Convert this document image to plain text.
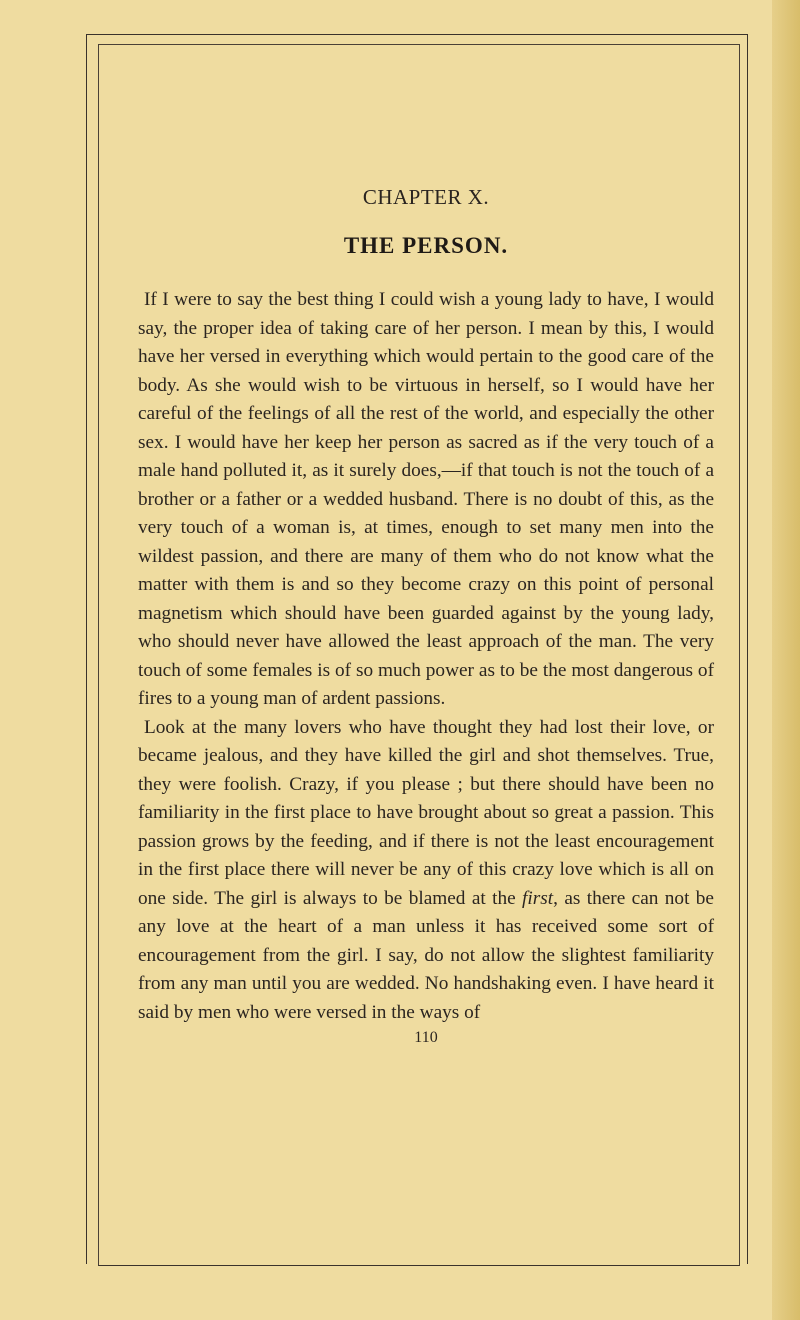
CHAPTER X.
THE PERSON.

If I were to say the best thing I could wish a young lady to have, I would say, the proper idea of taking care of her person. I mean by this, I would have her versed in everything which would pertain to the good care of the body. As she would wish to be virtuous in herself, so I would have her careful of the feelings of all the rest of the world, and especially the other sex. I would have her keep her person as sacred as if the very touch of a male hand polluted it, as it surely does,—if that touch is not the touch of a brother or a father or a wedded husband. There is no doubt of this, as the very touch of a woman is, at times, enough to set many men into the wildest passion, and there are many of them who do not know what the matter with them is and so they become crazy on this point of personal magnetism which should have been guarded against by the young lady, who should never have allowed the least approach of the man. The very touch of some females is of so much power as to be the most dangerous of fires to a young man of ardent passions.

Look at the many lovers who have thought they had lost their love, or became jealous, and they have killed the girl and shot themselves. True, they were foolish. Crazy, if you please ; but there should have been no familiarity in the first place to have brought about so great a passion. This passion grows by the feeding, and if there is not the least encouragement in the first place there will never be any of this crazy love which is all on one side. The girl is always to be blamed at the first, as there can not be any love at the heart of a man unless it has received some sort of encouragement from the girl. I say, do not allow the slightest familiarity from any man until you are wedded. No handshaking even. I have heard it said by men who were versed in the ways of

110
